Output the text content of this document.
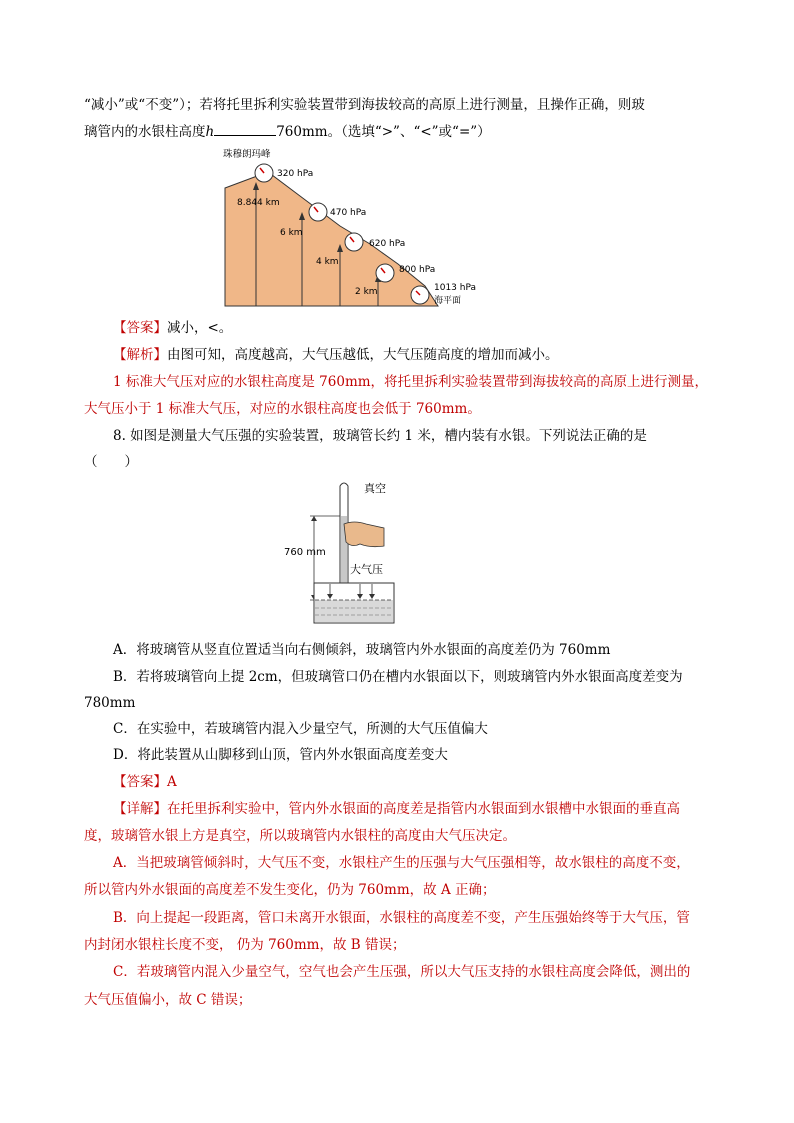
“减小”或“不变”）；若将托里拆利实验装置带到海拔较高的高原上进行测量，且操作正确，则玻
璃管内的水银柱高度h	760mm。（选填“>”、“<”或“=”）
珠穆朗玛峰
320 hPa
8.844 km
470 hPa
6 km
620 hPa
4 km
800 hPa
2 km	1013 hPa
海平面
【答案】减小，<。
【解析】由图可知，高度越高，大气压越低，大气压随高度的增加而减小。
1 标准大气压对应的水银柱高度是 760mm，将托里拆利实验装置带到海拔较高的高原上进行测量，
大气压小于 1 标准大气压，对应的水银柱高度也会低于 760mm。
8. 如图是测量大气压强的实验装置，玻璃管长约 1 米，槽内装有水银。下列说法正确的是
（　　）
真空
760 mm
大气压
A．将玻璃管从竖直位置适当向右侧倾斜，玻璃管内外水银面的高度差仍为 760mm
B．若将玻璃管向上提 2cm，但玻璃管口仍在槽内水银面以下，则玻璃管内外水银面高度差变为
780mm
C．在实验中，若玻璃管内混入少量空气，所测的大气压值偏大
D．将此装置从山脚移到山顶，管内外水银面高度差变大
【答案】A
【详解】在托里拆利实验中，管内外水银面的高度差是指管内水银面到水银槽中水银面的垂直高
度，玻璃管水银上方是真空，所以玻璃管内水银柱的高度由大气压决定。
A．当把玻璃管倾斜时，大气压不变，水银柱产生的压强与大气压强相等，故水银柱的高度不变，
所以管内外水银面的高度差不发生变化，仍为 760mm，故 A 正确；
B．向上提起一段距离，管口未离开水银面，水银柱的高度差不变，产生压强始终等于大气压，管
内封闭水银柱长度不变， 仍为 760mm，故 B 错误；
C．若玻璃管内混入少量空气，空气也会产生压强，所以大气压支持的水银柱高度会降低，测出的
大气压值偏小，故 C 错误；
